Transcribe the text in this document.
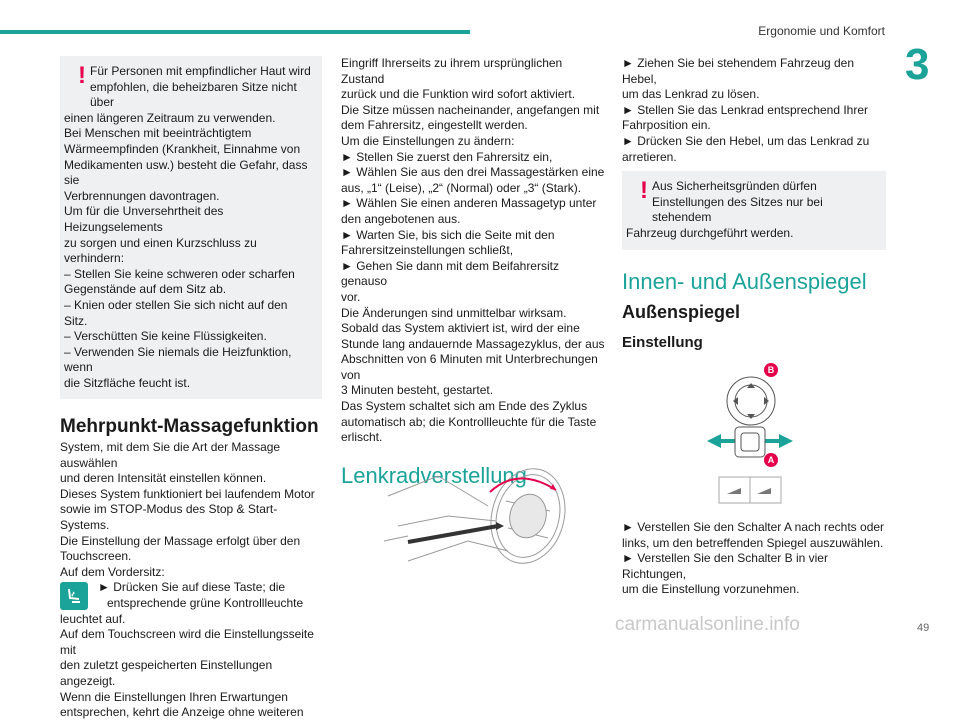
Ergonomie und Komfort
3
! Für Personen mit empfindlicher Haut wird

empfohlen, die beheizbaren Sitze nicht über

einen längeren Zeitraum zu verwenden.

Bei Menschen mit beeinträchtigtem

Wärmeempfinden (Krankheit, Einnahme von

Medikamenten usw.) besteht die Gefahr, dass sie

Verbrennungen davontragen.

Um für die Unversehrtheit des Heizungselements

zu sorgen und einen Kurzschluss zu verhindern:

– Stellen Sie keine schweren oder scharfen

Gegenstände auf dem Sitz ab.

– Knien oder stellen Sie sich nicht auf den Sitz.

– Verschütten Sie keine Flüssigkeiten.

– Verwenden Sie niemals die Heizfunktion, wenn

die Sitzfläche feucht ist.

Mehrpunkt-Massagefunktion

System, mit dem Sie die Art der Massage auswählen

und deren Intensität einstellen können.

Dieses System funktioniert bei laufendem Motor

sowie im STOP-Modus des Stop & Start-Systems.

Die Einstellung der Massage erfolgt über den

Touchscreen.

Auf dem Vordersitz:

► Drücken Sie auf diese Taste; die

entsprechende grüne Kontrollleuchte

leuchtet auf.

Auf dem Touchscreen wird die Einstellungsseite mit

den zuletzt gespeicherten Einstellungen angezeigt.

Wenn die Einstellungen Ihren Erwartungen

entsprechen, kehrt die Anzeige ohne weiteren

Eingriff Ihrerseits zu ihrem ursprünglichen Zustand

zurück und die Funktion wird sofort aktiviert.

Die Sitze müssen nacheinander, angefangen mit

dem Fahrersitz, eingestellt werden.

Um die Einstellungen zu ändern:

► Stellen Sie zuerst den Fahrersitz ein,

► Wählen Sie aus den drei Massagestärken eine

aus, „1“ (Leise), „2“ (Normal) oder „3“ (Stark).

► Wählen Sie einen anderen Massagetyp unter

den angebotenen aus.

► Warten Sie, bis sich die Seite mit den

Fahrersitzeinstellungen schließt,

► Gehen Sie dann mit dem Beifahrersitz genauso

vor.

Die Änderungen sind unmittelbar wirksam.

Sobald das System aktiviert ist, wird der eine

Stunde lang andauernde Massagezyklus, der aus

Abschnitten von 6 Minuten mit Unterbrechungen von

3 Minuten besteht, gestartet.

Das System schaltet sich am Ende des Zyklus

automatisch ab; die Kontrollleuchte für die Taste

erlischt.

Lenkradverstellung

► Ziehen Sie bei stehendem Fahrzeug den Hebel,

um das Lenkrad zu lösen.

► Stellen Sie das Lenkrad entsprechend Ihrer

Fahrposition ein.

► Drücken Sie den Hebel, um das Lenkrad zu

arretieren.

! Aus Sicherheitsgründen dürfen

Einstellungen des Sitzes nur bei stehendem

Fahrzeug durchgeführt werden.

Innen- und Außenspiegel
Außenspiegel
Einstellung
B
A

► Verstellen Sie den Schalter A nach rechts oder

links, um den betreffenden Spiegel auszuwählen.

► Verstellen Sie den Schalter B in vier Richtungen,

um die Einstellung vorzunehmen.

carmanualsonline.info	49
